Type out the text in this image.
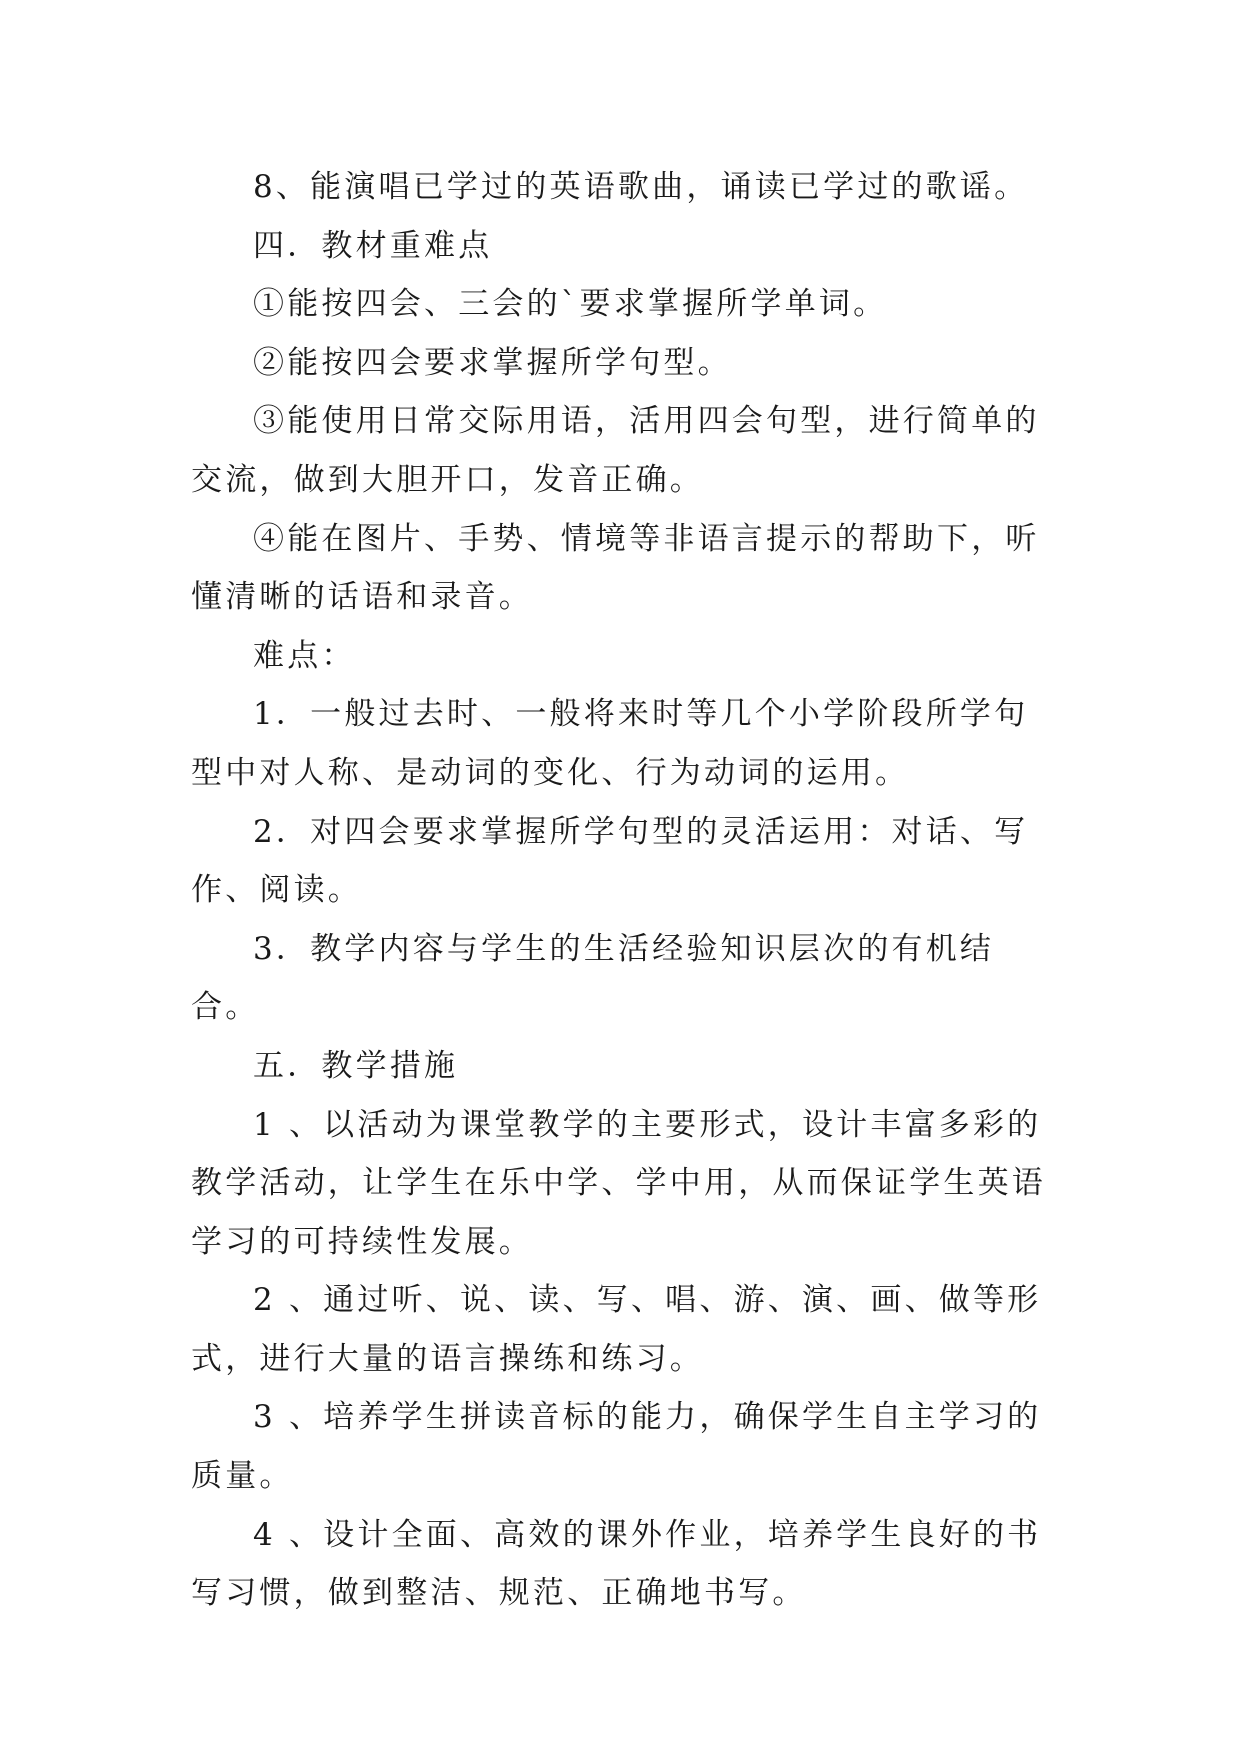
8、能演唱已学过的英语歌曲，诵读已学过的歌谣。

四．教材重难点

①能按四会、三会的`要求掌握所学单词。

②能按四会要求掌握所学句型。

③能使用日常交际用语，活用四会句型，进行简单的交流，做到大胆开口，发音正确。

④能在图片、手势、情境等非语言提示的帮助下，听懂清晰的话语和录音。

难点：

1．一般过去时、一般将来时等几个小学阶段所学句型中对人称、是动词的变化、行为动词的运用。

2．对四会要求掌握所学句型的灵活运用：对话、写作、阅读。

3．教学内容与学生的生活经验知识层次的有机结合。

五．教学措施

1 、以活动为课堂教学的主要形式，设计丰富多彩的教学活动，让学生在乐中学、学中用，从而保证学生英语学习的可持续性发展。

2 、通过听、说、读、写、唱、游、演、画、做等形式，进行大量的语言操练和练习。

3 、培养学生拼读音标的能力，确保学生自主学习的质量。

4 、设计全面、高效的课外作业，培养学生良好的书写习惯，做到整洁、规范、正确地书写。
